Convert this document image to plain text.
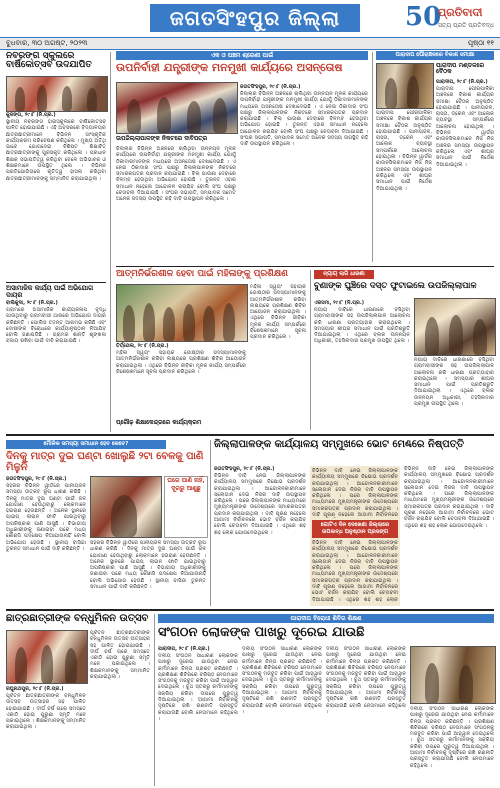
ଜଗତସିଂହପୁର ଜିଲ୍ଲା	50
ପ୍ରତିବାଦୀ
ସତ୍ୟ ପ୍ରତି ପ୍ରତିବଦ୍ଧ
ବୁଧବାର, ୩୦ ଅଗଷ୍ଟ, ୨୦୨୩	ପୃଷ୍ଠା ୧୧
ନବରଙ୍ଗ ସ୍କୁଲରେ ବାର୍ଷିକୋତ୍ସବ ଉଦଯାପିତ
କୁଜଙ୍ଗ, ୨୯।୮ (ନି.ପ୍ର.)
ସ୍ଥାନୀୟ ନବରଙ୍ଗ ହାଇସ୍କୁଲରେ ବାର୍ଷିକୋତ୍ସବ ପାଳିତ ହୋଇଯାଇଛି । ଏହି ଅବସରରେ ବିଦ୍ୟାଳୟର ଛାତ୍ରଛାତ୍ରୀମାନେ ବିଭିନ୍ନ ସାଂସ୍କୃତିକ କାର୍ଯ୍ୟକ୍ରମ ପରିବେଷଣ କରିଥିଲେ । ମୁଖ୍ୟ ଅତିଥି ଭାବେ ଯୋଗଦେଇ ବିଶିଷ୍ଟ ଶିକ୍ଷାବିତ୍ ଛାତ୍ରଛାତ୍ରୀଙ୍କୁ ପୁରସ୍କୃତ କରିଥିଲେ । ପ୍ରଧାନ ଶିକ୍ଷକ ସଭାପତିତ୍ୱ କରିଥିବା ବେଳେ ଅଭିଭାବକ ଓ ଶିକ୍ଷକମାନେ ଉପସ୍ଥିତ ଥିଲେ । ବିଭିନ୍ନ ପ୍ରତିଯୋଗିତାରେ କୃତିତ୍ୱ ହାସଲ କରିଥିବା ଛାତ୍ରଛାତ୍ରୀମାନଙ୍କୁ ସମ୍ମାନିତ କରାଯାଇଥିଲା ।
ଅସାମାଜିକ କାର୍ଯ୍ୟ ପାଇଁ ଅଭିଯୋଗ ଦାୟର
ବାଲିକୁଦା, ୨୯।୮ (ନି.ପ୍ର.)
ଗ୍ରାମରେ ଅସାମାଜିକ କାର୍ଯ୍ୟକଳାପ ବୃଦ୍ଧି ପାଉଥିବାରୁ ଗ୍ରାମବାସୀ ଥାନାରେ ଅଭିଯୋଗ ଦାୟର କରିଛନ୍ତି । ପୋଲିସ ତଦନ୍ତ ଆରମ୍ଭ କରିଛି ଏବଂ ଦୋଷୀଙ୍କ ବିରୋଧରେ କାର୍ଯ୍ୟାନୁଷ୍ଠାନ ନିଆଯିବ ବୋଲି ଜଣାପଡିଛି । ଗ୍ରାମର ଶାନ୍ତି ଶୃଙ୍ଖଳା ବଜାୟ ରଖିବା ପାଇଁ ଦାବି କରାଯାଇଛି ।
ଏକ ଓ ପଞ୍ଚମ ଶ୍ରେଣୀ ପାଇଁ
ଉପନିର୍ବାହୀ ଯନ୍ତ୍ରୀଙ୍କ ମନମୁଖୀ କାର୍ଯ୍ୟରେ ଅସନ୍ତୋଷ
ଜଗତସିଂହପୁର, ୨୯।୮ (ନି.ପ୍ର.)
ଜିଲ୍ଲାର ବିଭିନ୍ନ ଅଞ୍ଚଳରେ ଚାଲିଥିବା ଉନ୍ନୟନ ମୂଳକ କାର୍ଯ୍ୟରେ ଉପନିର୍ବାହୀ ଯନ୍ତ୍ରୀଙ୍କ ମନମୁଖୀ କାର୍ଯ୍ୟ ଯୋଗୁଁ ଠିକାଦାରମାନଙ୍କ ମଧ୍ୟରେ ଅସନ୍ତୋଷ ଦେଖାଦେଇଛି । ଏ ନେଇ ଠିକାଦାର ସଂଘ ପକ୍ଷରୁ ଜିଲ୍ଲାପାଳଙ୍କ ନିକଟରେ ସ୍ମାରକପତ୍ର ପ୍ରଦାନ କରାଯାଇଛି । ବିଲ୍ ପାଉଣା ଦେବାରେ ବିଳମ୍ବ ହେଉଥିବା ଅଭିଯୋଗ ହୋଇଛି । ତୁରନ୍ତ ଏହାର ସମାଧାନ ନହେଲେ ଆନ୍ଦୋଳନ କରାଯିବ ବୋଲି ସଂଘ ପକ୍ଷରୁ ଚେତାବନୀ ଦିଆଯାଇଛି । ସଂଘର ସଭାପତି, ସମ୍ପାଦକ ସମେତ ଅନେକ ସଦସ୍ୟ ଉପସ୍ଥିତ ରହି ଦାବି ଉପସ୍ଥାପନ କରିଥିଲେ ।
ଉପଜିଲ୍ଲାପାଳଙ୍କ ନିକଟରେ ଦାବିପତ୍ର
ଜିଲ୍ଲାର ବିଭିନ୍ନ ଅଞ୍ଚଳରେ ଚାଲିଥିବା ଉନ୍ନୟନ ମୂଳକ କାର୍ଯ୍ୟରେ ଉପନିର୍ବାହୀ ଯନ୍ତ୍ରୀଙ୍କ ମନମୁଖୀ କାର୍ଯ୍ୟ ଯୋଗୁଁ ଠିକାଦାରମାନଙ୍କ ମଧ୍ୟରେ ଅସନ୍ତୋଷ ଦେଖାଦେଇଛି । ଏ ନେଇ ଠିକାଦାର ସଂଘ ପକ୍ଷରୁ ଜିଲ୍ଲାପାଳଙ୍କ ନିକଟରେ ସ୍ମାରକପତ୍ର ପ୍ରଦାନ କରାଯାଇଛି । ବିଲ୍ ପାଉଣା ଦେବାରେ ବିଳମ୍ବ ହେଉଥିବା ଅଭିଯୋଗ ହୋଇଛି । ତୁରନ୍ତ ଏହାର ସମାଧାନ ନହେଲେ ଆନ୍ଦୋଳନ କରାଯିବ ବୋଲି ସଂଘ ପକ୍ଷରୁ ଚେତାବନୀ ଦିଆଯାଇଛି । ସଂଘର ସଭାପତି, ସମ୍ପାଦକ ସମେତ ଅନେକ ସଦସ୍ୟ ଉପସ୍ଥିତ ରହି ଦାବି ଉପସ୍ଥାପନ କରିଥିଲେ ।
ପାରାଦୀପ ପୌରାଞ୍ଚଳରେ ବିକାଶ ସମୀକ୍ଷା
ପାରାଦୀପ ମଣ୍ଡଳରେ ବୈଠକ
ପାରାଦୀପ, ୨୯।୮ (ନି.ପ୍ର.)
ପାରାଦୀପ ପୌରପାଳିକା ଅଞ୍ଚଳରେ ବିକାଶ କାର୍ଯ୍ୟର ସମୀକ୍ଷା ବୈଠକ ଅନୁଷ୍ଠିତ ହୋଇଯାଇଛି । ପାନୀୟଜଳ, ରାସ୍ତା, ଡ୍ରେନ୍ ଏବଂ ଆଲୋକ ବ୍ୟବସ୍ଥା ସମ୍ପର୍କରେ ଆଲୋଚନା ହୋଇଥିଲା । ବିଭିନ୍ନ ୱାର୍ଡର କାଉନସିଲରମାନେ ନିଜ ନିଜ ଅଞ୍ଚଳର ସମସ୍ୟା ଉପସ୍ଥାପନ କରିଥିଲେ ଏବଂ ଶୀଘ୍ର ସମାଧାନ ପାଇଁ ନିର୍ଦ୍ଦେଶ ଦିଆଯାଇଥିଲା ।
ପାରାଦୀପ ପୌରପାଳିକା ଅଞ୍ଚଳରେ ବିକାଶ କାର୍ଯ୍ୟର ସମୀକ୍ଷା ବୈଠକ ଅନୁଷ୍ଠିତ ହୋଇଯାଇଛି । ପାନୀୟଜଳ, ରାସ୍ତା, ଡ୍ରେନ୍ ଏବଂ ଆଲୋକ ବ୍ୟବସ୍ଥା ସମ୍ପର୍କରେ ଆଲୋଚନା ହୋଇଥିଲା । ବିଭିନ୍ନ ୱାର୍ଡର କାଉନସିଲରମାନେ ନିଜ ନିଜ ଅଞ୍ଚଳର ସମସ୍ୟା ଉପସ୍ଥାପନ କରିଥିଲେ ଏବଂ ଶୀଘ୍ର ସମାଧାନ ପାଇଁ ନିର୍ଦ୍ଦେଶ ଦିଆଯାଇଥିଲା ।
ଆତ୍ମନିର୍ଭରଶୀଳ ହେବା ପାଇଁ ମହିଳାଙ୍କୁ ପ୍ରଶିକ୍ଷଣ
ତିର୍ତ୍ତୋଲ, ୨୯।୮ (ନି.ପ୍ର.)
ମହିଳା ସ୍ୱୟଂ ସହାୟକ ଗୋଷ୍ଠୀର ସଦସ୍ୟାମାନଙ୍କୁ ଆତ୍ମନିର୍ଭରଶୀଳ କରିବା ଲକ୍ଷ୍ୟରେ ପ୍ରଶିକ୍ଷଣ ଶିବିର ଆୟୋଜନ କରାଯାଇଥିଲା । ଏଥିରେ ବିଭିନ୍ନ ଜୀବିକା ମୂଳକ କାର୍ଯ୍ୟ ସମ୍ପର୍କରେ ବିଶେଷଜ୍ଞମାନେ ସୂଚନା ପ୍ରଦାନ କରିଥିଲେ ।
ମହିଳା ସ୍ୱୟଂ ସହାୟକ ଗୋଷ୍ଠୀର ସଦସ୍ୟାମାନଙ୍କୁ ଆତ୍ମନିର୍ଭରଶୀଳ କରିବା ଲକ୍ଷ୍ୟରେ ପ୍ରଶିକ୍ଷଣ ଶିବିର ଆୟୋଜନ କରାଯାଇଥିଲା । ଏଥିରେ ବିଭିନ୍ନ ଜୀବିକା ମୂଳକ କାର୍ଯ୍ୟ ସମ୍ପର୍କରେ ବିଶେଷଜ୍ଞମାନେ ସୂଚନା ପ୍ରଦାନ କରିଥିଲେ ।
ନ୍ୟାୟ ଲାଗି ଧାରଣା
ବୁଣାଙ୍କ ଘୁଞ୍ଚିରେ ଦସ୍ତ ଫୁଟାଇଲେ ଉପଜିଲ୍ଲାପାଳ
ଏରସମା, ୨୯।୮ (ନି.ପ୍ର.)
ନ୍ୟାୟ ଦାବିରେ ଧାରଣାରେ ବସିଥିବା ଗ୍ରାମବାସୀଙ୍କ ସହ ଉପଜିଲ୍ଲାପାଳ ଆଲୋଚନା କରି ଧାରଣା ପ୍ରତ୍ୟାହାର କରାଇଥିଲେ । ସମସ୍ୟାର ଶୀଘ୍ର ସମାଧାନ ପାଇଁ ପ୍ରତିଶ୍ରୁତି ଦିଆଯାଇଥିଲା । ଏଥିରେ ବ୍ଲକ ଉନ୍ନୟନ ଅଧିକାରୀ, ତହସିଲଦାର ପ୍ରମୁଖ ଉପସ୍ଥିତ ଥିଲେ ।
ନ୍ୟାୟ ଦାବିରେ ଧାରଣାରେ ବସିଥିବା ଗ୍ରାମବାସୀଙ୍କ ସହ ଉପଜିଲ୍ଲାପାଳ ଆଲୋଚନା କରି ଧାରଣା ପ୍ରତ୍ୟାହାର କରାଇଥିଲେ । ସମସ୍ୟାର ଶୀଘ୍ର ସମାଧାନ ପାଇଁ ପ୍ରତିଶ୍ରୁତି ଦିଆଯାଇଥିଲା । ଏଥିରେ ବ୍ଲକ ଉନ୍ନୟନ ଅଧିକାରୀ, ତହସିଲଦାର ପ୍ରମୁଖ ଉପସ୍ଥିତ ଥିଲେ ।
ପ୍ରୌଢ଼ ଶିକ୍ଷାକେନ୍ଦ୍ରରେ କାର୍ଯ୍ୟକ୍ରମ
ମୌଳିକ ସମସ୍ୟା ସମାଧାନ ହେବ କେବେ?
ଦିନକୁ ମାତ୍ର ଦୁଇ ଘଣ୍ଟା ଖୋଲୁଛି ୨ଟା ବେଳକୁ ପାଣି ମିଳୁନି
ଜଗତସିଂହପୁର, ୨୯।୮ (ନି.ପ୍ର.)
ସହରର ବିଭିନ୍ନ ୱାର୍ଡରେ ପାନୀୟଜଳ ସମସ୍ୟା ଉତ୍କଟ ରୂପ ଧାରଣ କରିଛି । ଦିନକୁ ମାତ୍ର ଦୁଇ ଘଣ୍ଟା ପାଇଁ ଜଳ ଯୋଗାଣ ହେଉଥିବାରୁ ଲୋକମାନେ ହଇରାଣ ହେଉଛନ୍ତି । ଅନେକ ସ୍ଥାନରେ ପାଇପ୍ ଲାଇନ ଫାଟି ଯାଇଥିବାରୁ ଅପରିଷ୍କାର ପାଣି ଆସୁଛି । ବିଭାଗୀୟ ଅଧିକାରୀଙ୍କୁ ଜଣାଇବା ପରେ ମଧ୍ୟ କୌଣସି ପଦକ୍ଷେପ ନିଆଯାଉନାହିଁ ବୋଲି ଅଭିଯୋଗ ହେଉଛି । ସ୍ଥାନୀୟ ବାସିନ୍ଦା ତୁରନ୍ତ ସମାଧାନ ପାଇଁ ଦାବି କରିଛନ୍ତି ।
ଘରେ ପାଣି ନାହିଁ, ଦୂରରୁ ଆଣୁଛୁ
ସହରର ବିଭିନ୍ନ ୱାର୍ଡରେ ପାନୀୟଜଳ ସମସ୍ୟା ଉତ୍କଟ ରୂପ ଧାରଣ କରିଛି । ଦିନକୁ ମାତ୍ର ଦୁଇ ଘଣ୍ଟା ପାଇଁ ଜଳ ଯୋଗାଣ ହେଉଥିବାରୁ ଲୋକମାନେ ହଇରାଣ ହେଉଛନ୍ତି । ଅନେକ ସ୍ଥାନରେ ପାଇପ୍ ଲାଇନ ଫାଟି ଯାଇଥିବାରୁ ଅପରିଷ୍କାର ପାଣି ଆସୁଛି । ବିଭାଗୀୟ ଅଧିକାରୀଙ୍କୁ ଜଣାଇବା ପରେ ମଧ୍ୟ କୌଣସି ପଦକ୍ଷେପ ନିଆଯାଉନାହିଁ ବୋଲି ଅଭିଯୋଗ ହେଉଛି । ସ୍ଥାନୀୟ ବାସିନ୍ଦା ତୁରନ୍ତ ସମାଧାନ ପାଇଁ ଦାବି କରିଛନ୍ତି ।
ଜିଲ୍ଲାପାଳଙ୍କ କାର୍ଯ୍ୟାଳୟ ସମ୍ମୁଖରେ ଭୋଟ ମେଣ୍ଢରେ ନିଷ୍ପତ୍ତି
ଜଗତସିଂହପୁର, ୨୯।୮ (ନି.ପ୍ର.)
ବିଭିନ୍ନ ଦାବି ନେଇ ଜିଲ୍ଲାପାଳଙ୍କ କାର୍ଯ୍ୟାଳୟ ସମ୍ମୁଖରେ ବିକ୍ଷୋଭ ପ୍ରଦର୍ଶନ କରାଯାଇଥିଲା । ଆନ୍ଦୋଳନକାରୀମାନେ ସ୍ଲୋଗାନ ଦେଇ ନିଜର ଦାବି ଉପସ୍ଥାପନ କରିଥିଲେ । ପରେ ଜିଲ୍ଲାପାଳଙ୍କ ମାଧ୍ୟମରେ ମୁଖ୍ୟମନ୍ତ୍ରୀଙ୍କ ଉଦ୍ଦେଶ୍ୟରେ ସ୍ମାରକପତ୍ର ପ୍ରଦାନ କରାଯାଇଥିଲା । ଦାବି ପୂରଣ ନହେଲେ ଆଗାମୀ ନିର୍ବାଚନରେ ଭୋଟ ବର୍ଜନ କରାଯିବ ବୋଲି ଚେତାବନୀ ଦିଆଯାଇଛି । ଏଥିରେ ଶହ ଶହ ଲୋକ ଯୋଗଦେଇଥିଲେ ।
ଗୋଟିଏ ଦିନ ଦେଖେଣା ଜିଲ୍ଲାରେ ଉପଲବ୍ଧ ଅନୁଷ୍ଠାନ ପ୍ରସଙ୍ଗ
ବିଭିନ୍ନ ଦାବି ନେଇ ଜିଲ୍ଲାପାଳଙ୍କ କାର୍ଯ୍ୟାଳୟ ସମ୍ମୁଖରେ ବିକ୍ଷୋଭ ପ୍ରଦର୍ଶନ କରାଯାଇଥିଲା । ଆନ୍ଦୋଳନକାରୀମାନେ ସ୍ଲୋଗାନ ଦେଇ ନିଜର ଦାବି ଉପସ୍ଥାପନ କରିଥିଲେ । ପରେ ଜିଲ୍ଲାପାଳଙ୍କ ମାଧ୍ୟମରେ ମୁଖ୍ୟମନ୍ତ୍ରୀଙ୍କ ଉଦ୍ଦେଶ୍ୟରେ ସ୍ମାରକପତ୍ର ପ୍ରଦାନ କରାଯାଇଥିଲା । ଦାବି ପୂରଣ ନହେଲେ ଆଗାମୀ ନିର୍ବାଚନରେ
ବିଭିନ୍ନ ଦାବି ନେଇ ଜିଲ୍ଲାପାଳଙ୍କ କାର୍ଯ୍ୟାଳୟ ସମ୍ମୁଖରେ ବିକ୍ଷୋଭ ପ୍ରଦର୍ଶନ କରାଯାଇଥିଲା । ଆନ୍ଦୋଳନକାରୀମାନେ ସ୍ଲୋଗାନ ଦେଇ ନିଜର ଦାବି ଉପସ୍ଥାପନ କରିଥିଲେ । ପରେ ଜିଲ୍ଲାପାଳଙ୍କ ମାଧ୍ୟମରେ ମୁଖ୍ୟମନ୍ତ୍ରୀଙ୍କ ଉଦ୍ଦେଶ୍ୟରେ ସ୍ମାରକପତ୍ର ପ୍ରଦାନ କରାଯାଇଥିଲା । ଦାବି ପୂରଣ ନହେଲେ ଆଗାମୀ ନିର୍ବାଚନରେ ଭୋଟ ବର୍ଜନ କରାଯିବ ବୋଲି ଚେତାବନୀ ଦିଆଯାଇଛି । ଏଥିରେ ଶହ ଶହ ଲୋକ
ବିଭିନ୍ନ ଦାବି ନେଇ ଜିଲ୍ଲାପାଳଙ୍କ କାର୍ଯ୍ୟାଳୟ ସମ୍ମୁଖରେ ବିକ୍ଷୋଭ ପ୍ରଦର୍ଶନ କରାଯାଇଥିଲା । ଆନ୍ଦୋଳନକାରୀମାନେ ସ୍ଲୋଗାନ ଦେଇ ନିଜର ଦାବି ଉପସ୍ଥାପନ କରିଥିଲେ । ପରେ ଜିଲ୍ଲାପାଳଙ୍କ ମାଧ୍ୟମରେ ମୁଖ୍ୟମନ୍ତ୍ରୀଙ୍କ ଉଦ୍ଦେଶ୍ୟରେ ସ୍ମାରକପତ୍ର ପ୍ରଦାନ କରାଯାଇଥିଲା । ଦାବି ପୂରଣ ନହେଲେ ଆଗାମୀ ନିର୍ବାଚନରେ ଭୋଟ ବର୍ଜନ କରାଯିବ ବୋଲି ଚେତାବନୀ ଦିଆଯାଇଛି । ଏଥିରେ ଶହ ଶହ ଲୋକ ଯୋଗଦେଇଥିଲେ ।
ଛାତ୍ରଛାତ୍ରୀଙ୍କ ବନ୍ଧୁମିଳନ ଉତ୍ସବ
ରଘୁନାଥପୁର, ୨୯।୮ (ନି.ପ୍ର.)
ପୂର୍ବତନ ଛାତ୍ରଛାତ୍ରୀଙ୍କ ବନ୍ଧୁମିଳନ ଉତ୍ସବ ଉତ୍ସାହର ସହ ପାଳିତ ହୋଇଯାଇଛି । ଦୀର୍ଘ ବର୍ଷ ପରେ ସମସ୍ତେ ଏକାଠି ହୋଇ ପୁରୁଣା ସ୍ମୃତି ମନେ ପକାଇଥିଲେ । ଶିକ୍ଷକମାନଙ୍କୁ ସମ୍ମାନିତ କରାଯାଇଥିଲା ।
ପୂର୍ବତନ ଛାତ୍ରଛାତ୍ରୀଙ୍କ ବନ୍ଧୁମିଳନ ଉତ୍ସବ ଉତ୍ସାହର ସହ ପାଳିତ ହୋଇଯାଇଛି । ଦୀର୍ଘ ବର୍ଷ ପରେ ସମସ୍ତେ ଏକାଠି ହୋଇ ପୁରୁଣା ସ୍ମୃତି ମନେ ପକାଇଥିଲେ । ଶିକ୍ଷକମାନଙ୍କୁ ସମ୍ମାନିତ କରାଯାଇଥିଲା ।
ପାରାଦୀପ ବିରୋଧୀ ଶିବିର ଶିକ୍ଷଣ
ସଂଗଠନ ଲୋକଙ୍କ ପାଖରୁ ଦୂରେଇ ଯାଉଛି
ପାରାଦୀପ, ୨୯।୮ (ନି.ପ୍ର.)
ଦଳୀୟ ସଂଗଠନ ସାଧାରଣ ଲୋକଙ୍କ ପାଖରୁ ଦୂରେଇ ଯାଉଥିବା ନେଇ କର୍ମୀମାନେ ଚିନ୍ତା ପ୍ରକଟ କରିଛନ୍ତି । ପ୍ରଶିକ୍ଷଣ ଶିବିରରେ ବରିଷ୍ଠ ନେତାମାନେ ସଂଗଠନକୁ ମଜବୁତ କରିବା ପାଇଁ ଆହ୍ୱାନ ଦେଇଥିଲେ । ବୁଥ ସ୍ତରରୁ କର୍ମୀମାନଙ୍କୁ ସକ୍ରିୟ କରିବା ଉପରେ ଗୁରୁତ୍ୱ ଦିଆଯାଇଥିଲା । ଆଗାମୀ ନିର୍ବାଚନକୁ ଦୃଷ୍ଟିରେ ରଖି ରଣନୀତି ପ୍ରସ୍ତୁତ କରାଯାଉଛି ବୋଲି ନେତାମାନେ କହିଥିଲେ ।
ଦଳୀୟ ସଂଗଠନ ସାଧାରଣ ଲୋକଙ୍କ ପାଖରୁ ଦୂରେଇ ଯାଉଥିବା ନେଇ କର୍ମୀମାନେ ଚିନ୍ତା ପ୍ରକଟ କରିଛନ୍ତି । ପ୍ରଶିକ୍ଷଣ ଶିବିରରେ ବରିଷ୍ଠ ନେତାମାନେ ସଂଗଠନକୁ ମଜବୁତ କରିବା ପାଇଁ ଆହ୍ୱାନ ଦେଇଥିଲେ । ବୁଥ ସ୍ତରରୁ କର୍ମୀମାନଙ୍କୁ ସକ୍ରିୟ କରିବା ଉପରେ ଗୁରୁତ୍ୱ ଦିଆଯାଇଥିଲା । ଆଗାମୀ ନିର୍ବାଚନକୁ ଦୃଷ୍ଟିରେ ରଖି ରଣନୀତି ପ୍ରସ୍ତୁତ କରାଯାଉଛି ବୋଲି ନେତାମାନେ କହିଥିଲେ ।
ଦଳୀୟ ସଂଗଠନ ସାଧାରଣ ଲୋକଙ୍କ ପାଖରୁ ଦୂରେଇ ଯାଉଥିବା ନେଇ କର୍ମୀମାନେ ଚିନ୍ତା ପ୍ରକଟ କରିଛନ୍ତି । ପ୍ରଶିକ୍ଷଣ ଶିବିରରେ ବରିଷ୍ଠ ନେତାମାନେ ସଂଗଠନକୁ ମଜବୁତ କରିବା ପାଇଁ ଆହ୍ୱାନ ଦେଇଥିଲେ । ବୁଥ ସ୍ତରରୁ କର୍ମୀମାନଙ୍କୁ ସକ୍ରିୟ କରିବା ଉପରେ ଗୁରୁତ୍ୱ ଦିଆଯାଇଥିଲା । ଆଗାମୀ ନିର୍ବାଚନକୁ ଦୃଷ୍ଟିରେ ରଖି ରଣନୀତି ପ୍ରସ୍ତୁତ କରାଯାଉଛି ବୋଲି ନେତାମାନେ କହିଥିଲେ ।	ଦଳୀୟ ସଂଗଠନ ସାଧାରଣ ଲୋକଙ୍କ ପାଖରୁ ଦୂରେଇ ଯାଉଥିବା ନେଇ କର୍ମୀମାନେ ଚିନ୍ତା ପ୍ରକଟ କରିଛନ୍ତି । ପ୍ରଶିକ୍ଷଣ ଶିବିରରେ ବରିଷ୍ଠ ନେତାମାନେ ସଂଗଠନକୁ ମଜବୁତ କରିବା ପାଇଁ ଆହ୍ୱାନ ଦେଇଥିଲେ । ବୁଥ ସ୍ତରରୁ କର୍ମୀମାନଙ୍କୁ ସକ୍ରିୟ କରିବା ଉପରେ ଗୁରୁତ୍ୱ ଦିଆଯାଇଥିଲା । ଆଗାମୀ ନିର୍ବାଚନକୁ ଦୃଷ୍ଟିରେ ରଖି ରଣନୀତି ପ୍ରସ୍ତୁତ କରାଯାଉଛି ବୋଲି ନେତାମାନେ କହିଥିଲେ ।
